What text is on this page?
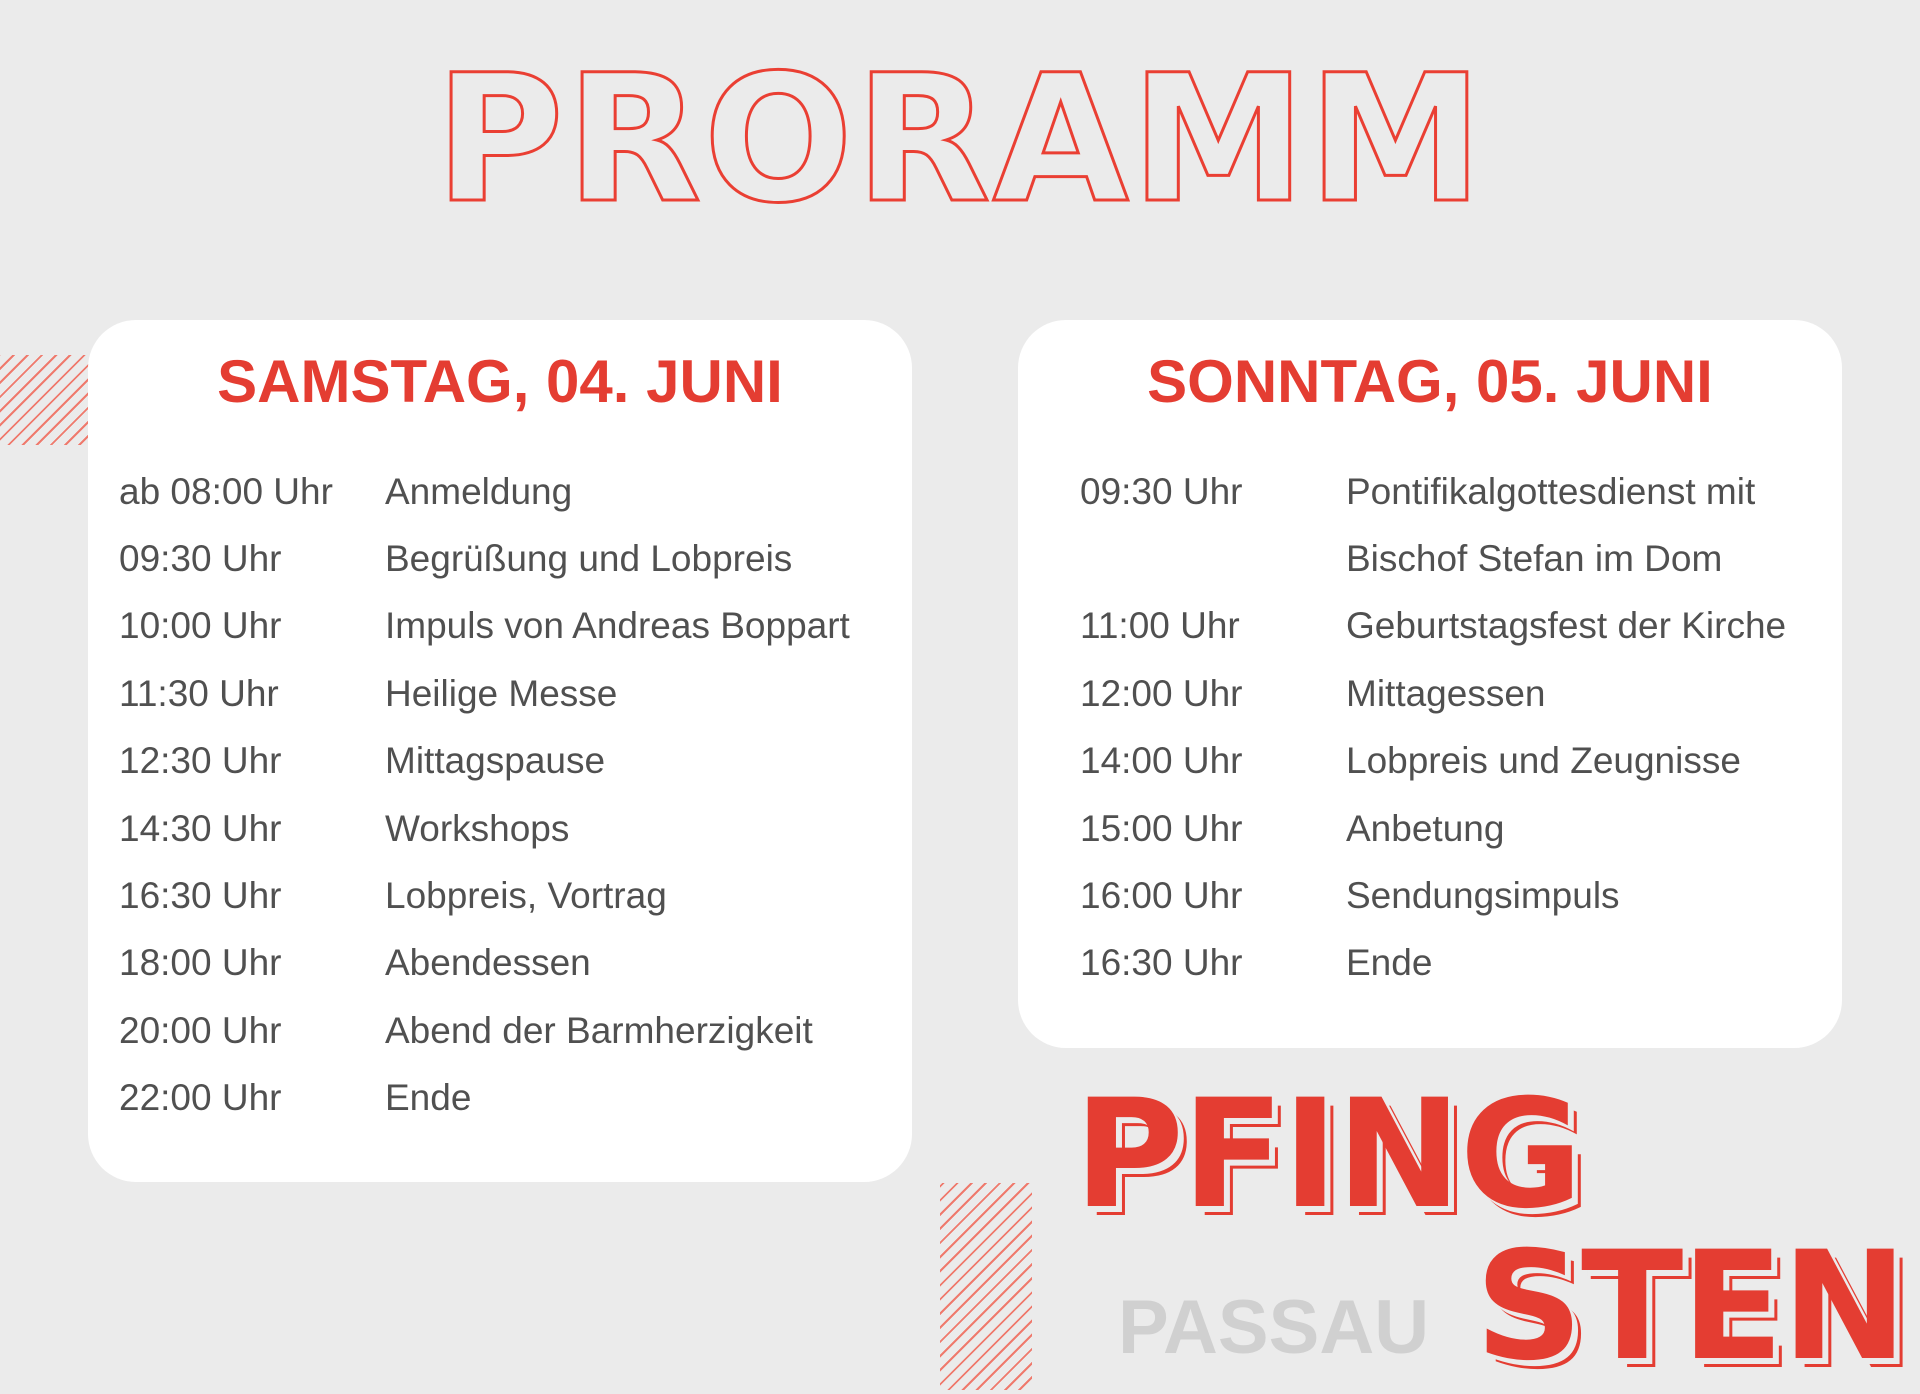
PRORAMM
SAMSTAG, 04. JUNI
ab 08:00 Uhr	Anmeldung
09:30 Uhr	Begrüßung und Lobpreis
10:00 Uhr	Impuls von Andreas Boppart
11:30 Uhr	Heilige Messe
12:30 Uhr	Mittagspause
14:30 Uhr	Workshops
16:30 Uhr	Lobpreis, Vortrag
18:00 Uhr	Abendessen
20:00 Uhr	Abend der Barmherzigkeit
22:00 Uhr	Ende
SONNTAG, 05. JUNI
09:30 Uhr	Pontifikalgottesdienst mit
Bischof Stefan im Dom
11:00 Uhr	Geburtstagsfest der Kirche
12:00 Uhr	Mittagessen
14:00 Uhr	Lobpreis und Zeugnisse
15:00 Uhr	Anbetung
16:00 Uhr	Sendungsimpuls
16:30 Uhr	Ende
PFING
PASSAU STEN
